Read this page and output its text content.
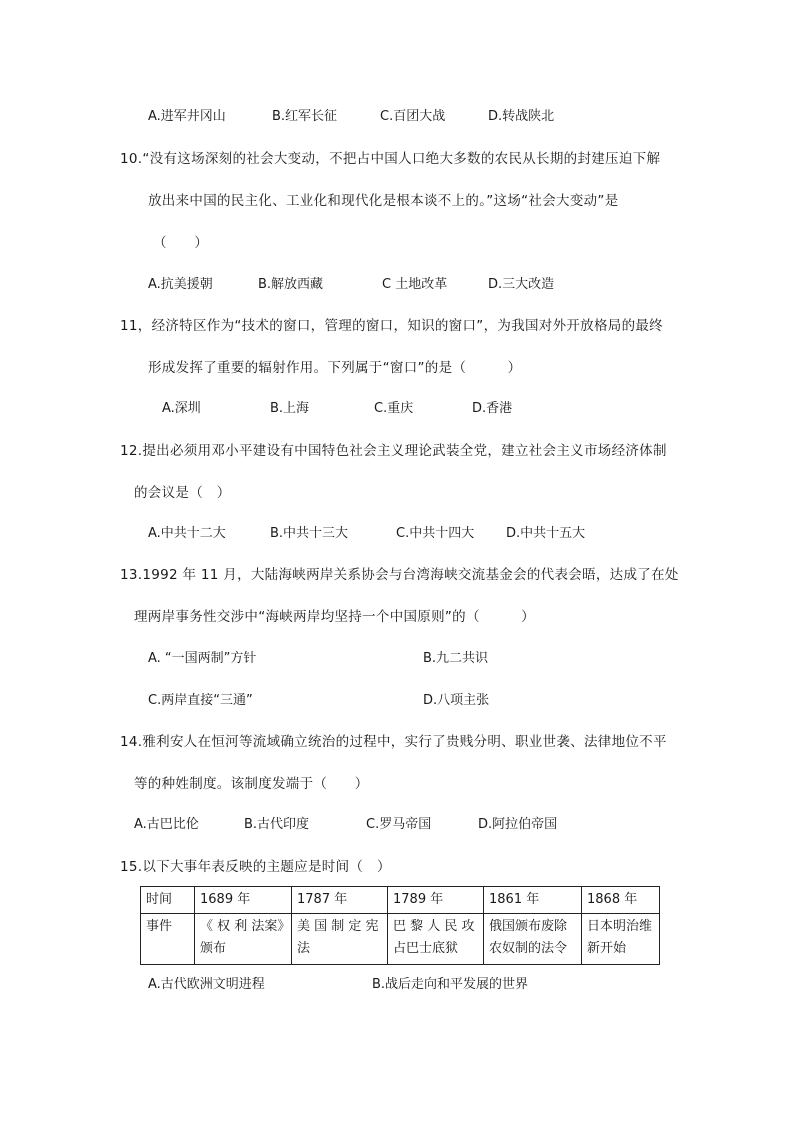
A.进军井冈山	B.红军长征	C.百团大战	D.转战陕北
10.“没有这场深刻的社会大变动，不把占中国人口绝大多数的农民从长期的封建压迫下解
放出来中国的民主化、工业化和现代化是根本谈不上的。”这场“社会大变动”是
（　　）
A.抗美援朝	B.解放西藏	C 土地改革	D.三大改造
11，经济特区作为“技术的窗口，管理的窗口，知识的窗口”，为我国对外开放格局的最终
形成发挥了重要的辐射作用。下列属于“窗口”的是（　　　）
A.深圳	B.上海	C.重庆	D.香港
12.提出必须用邓小平建设有中国特色社会主义理论武装全党，建立社会主义市场经济体制
的会议是（　）
A.中共十二大	B.中共十三大	C.中共十四大 D.中共十五大
13.1992 年 11 月，大陆海峡两岸关系协会与台湾海峡交流基金会的代表会晤，达成了在处
理两岸事务性交涉中“海峡两岸均坚持一个中国原则”的（　　　）
A. “一国两制”方针	B.九二共识
C.两岸直接“三通”	D.八项主张
14.雅利安人在恒河等流域确立统治的过程中，实行了贵贱分明、职业世袭、法律地位不平
等的种姓制度。该制度发端于（　　）
A.古巴比伦	B.古代印度	C.罗马帝国	D.阿拉伯帝国
15.以下大事年表反映的主题应是时间（　）
时间	1689 年	1787 年	1789 年	1861 年	1868 年
事件	《 权 利 法案》颁布	美 国 制 定 宪法	巴 黎 人 民 攻占巴士底狱	俄国颁布废除农奴制的法令	日本明治维新开始
A.古代欧洲文明进程	B.战后走向和平发展的世界
